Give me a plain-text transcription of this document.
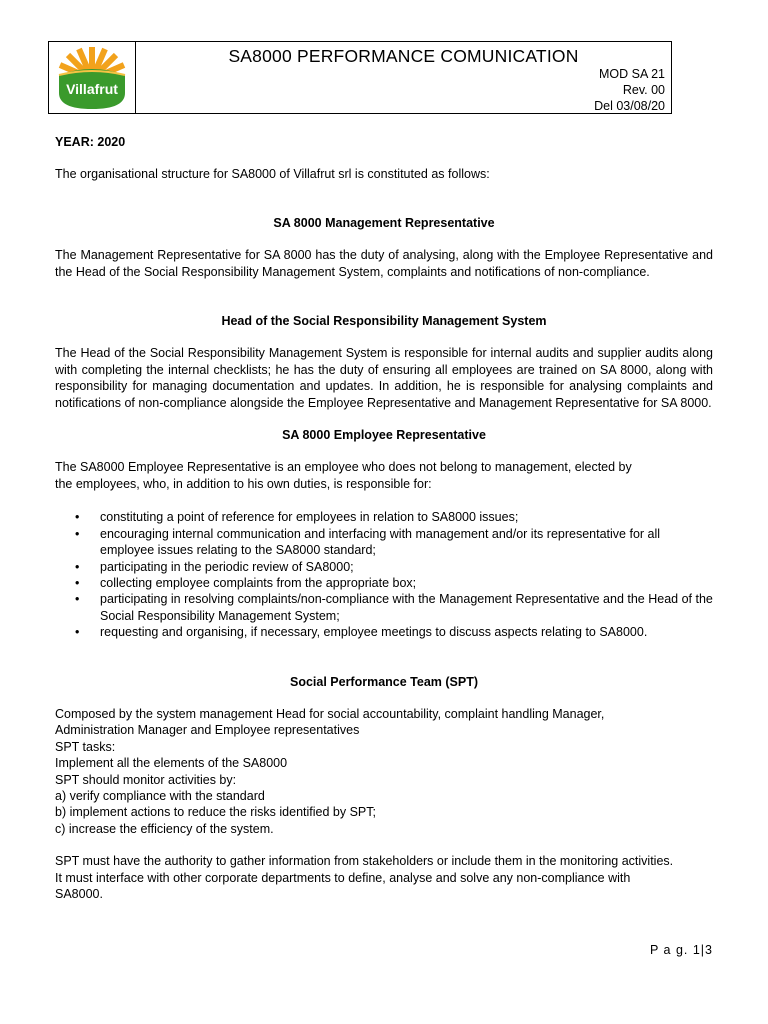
Villafrut
SA8000 PERFORMANCE COMUNICATION
MOD SA 21
Rev. 00
Del 03/08/20

YEAR: 2020

The organisational structure for SA8000 of Villafrut srl is constituted as follows:

SA 8000 Management Representative

The Management Representative for SA 8000 has the duty of analysing, along with the Employee Representative and the Head of the Social Responsibility Management System, complaints and notifications of non-compliance.

Head of the Social Responsibility Management System

The Head of the Social Responsibility Management System is responsible for internal audits and supplier audits along with completing the internal checklists; he has the duty of ensuring all employees are trained on SA 8000, along with responsibility for managing documentation and updates. In addition, he is responsible for analysing complaints and notifications of non-compliance alongside the Employee Representative and Management Representative for SA 8000.

SA 8000 Employee Representative

The SA8000 Employee Representative is an employee who does not belong to management, elected by

the employees, who, in addition to his own duties, is responsible for:

• constituting a point of reference for employees in relation to SA8000 issues;
• encouraging internal communication and interfacing with management and/or its representative for all employee issues relating to the SA8000 standard;
• participating in the periodic review of SA8000;
• collecting employee complaints from the appropriate box;
• participating in resolving complaints/non-compliance with the Management Representative and the Head of the Social Responsibility Management System;
• requesting and organising, if necessary, employee meetings to discuss aspects relating to SA8000.

Social Performance Team (SPT)

Composed by the system management Head for social accountability, complaint handling Manager,

Administration Manager and Employee representatives

SPT tasks:

Implement all the elements of the SA8000

SPT should monitor activities by:

a) verify compliance with the standard

b) implement actions to reduce the risks identified by SPT;

c) increase the efficiency of the system.

SPT must have the authority to gather information from stakeholders or include them in the monitoring activities.

It must interface with other corporate departments to define, analyse and solve any non-compliance with

SA8000.

P a g. 1|3
